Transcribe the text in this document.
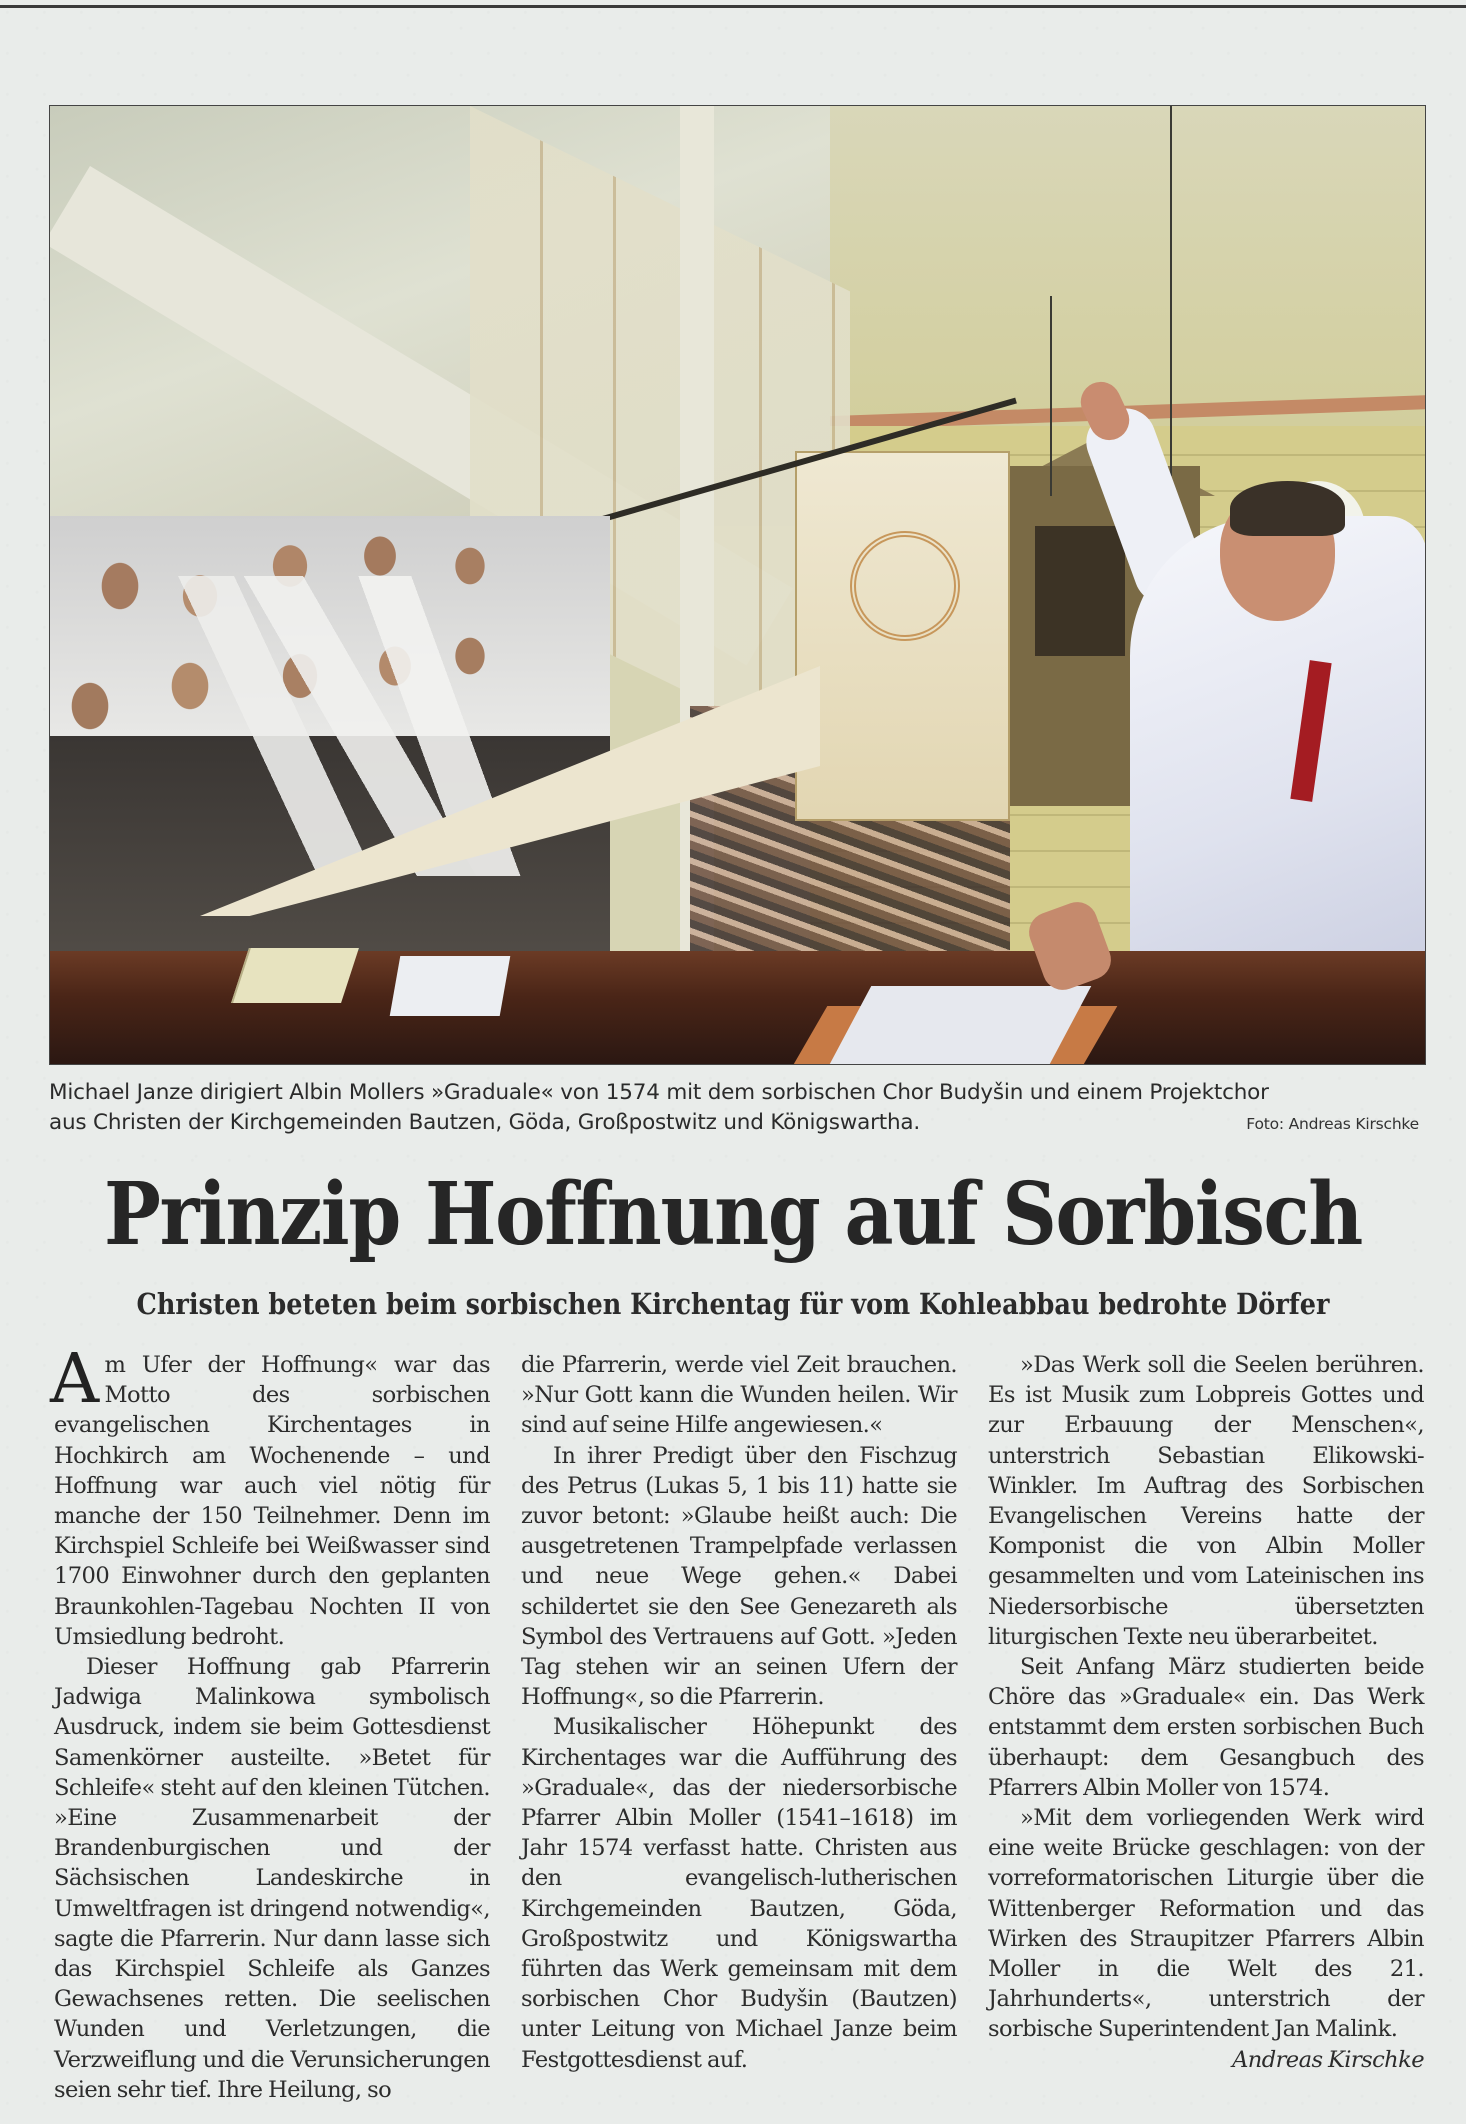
Michael Janze dirigiert Albin Mollers »Graduale« von 1574 mit dem sorbischen Chor Budyšin und einem Projektchor
aus Christen der Kirchgemeinden Bautzen, Göda, Großpostwitz und Königswartha.	Foto: Andreas Kirschke
Prinzip Hoffnung auf Sorbisch
Christen beteten beim sorbischen Kirchentag für vom Kohleabbau bedrohte Dörfer

Am Ufer der Hoffnung« war das Motto des sorbischen evangelischen Kirchentages in Hochkirch am Wochenende – und Hoffnung war auch viel nötig für manche der 150 Teilnehmer. Denn im Kirchspiel Schleife bei Weißwasser sind 1700 Einwohner durch den geplanten Braunkohlen-Tagebau Nochten II von Umsiedlung bedroht.

Dieser Hoffnung gab Pfarrerin Jadwiga Malinkowa symbolisch Ausdruck, indem sie beim Gottesdienst Samenkörner austeilte. »Betet für Schleife« steht auf den kleinen Tütchen. »Eine Zusammenarbeit der Brandenburgischen und der Sächsischen Landeskirche in Umweltfragen ist dringend notwendig«, sagte die Pfarrerin. Nur dann lasse sich das Kirchspiel Schleife als Ganzes Gewachsenes retten. Die seelischen Wunden und Verletzungen, die Verzweiflung und die Verunsicherungen seien sehr tief. Ihre Heilung, so

die Pfarrerin, werde viel Zeit brauchen. »Nur Gott kann die Wunden heilen. Wir sind auf seine Hilfe angewiesen.«

In ihrer Predigt über den Fischzug des Petrus (Lukas 5, 1 bis 11) hatte sie zuvor betont: »Glaube heißt auch: Die ausgetretenen Trampelpfade verlassen und neue Wege gehen.« Dabei schildertet sie den See Genezareth als Symbol des Vertrauens auf Gott. »Jeden Tag stehen wir an seinen Ufern der Hoffnung«, so die Pfarrerin.

Musikalischer Höhepunkt des Kirchentages war die Aufführung des »Graduale«, das der niedersorbische Pfarrer Albin Moller (1541–1618) im Jahr 1574 verfasst hatte. Christen aus den evangelisch-lutherischen Kirchgemeinden Bautzen, Göda, Großpostwitz und Königswartha führten das Werk gemeinsam mit dem sorbischen Chor Budyšin (Bautzen) unter Leitung von Michael Janze beim Festgottesdienst auf.

»Das Werk soll die Seelen berühren. Es ist Musik zum Lobpreis Gottes und zur Erbauung der Menschen«, unterstrich Sebastian Elikowski-Winkler. Im Auftrag des Sorbischen Evangelischen Vereins hatte der Komponist die von Albin Moller gesammelten und vom Lateinischen ins Niedersorbische übersetzten liturgischen Texte neu überarbeitet.

Seit Anfang März studierten beide Chöre das »Graduale« ein. Das Werk entstammt dem ersten sorbischen Buch überhaupt: dem Gesangbuch des Pfarrers Albin Moller von 1574.

»Mit dem vorliegenden Werk wird eine weite Brücke geschlagen: von der vorreformatorischen Liturgie über die Wittenberger Reformation und das Wirken des Straupitzer Pfarrers Albin Moller in die Welt des 21. Jahrhunderts«, unterstrich der sorbische Superintendent Jan Malink.

Andreas Kirschke
